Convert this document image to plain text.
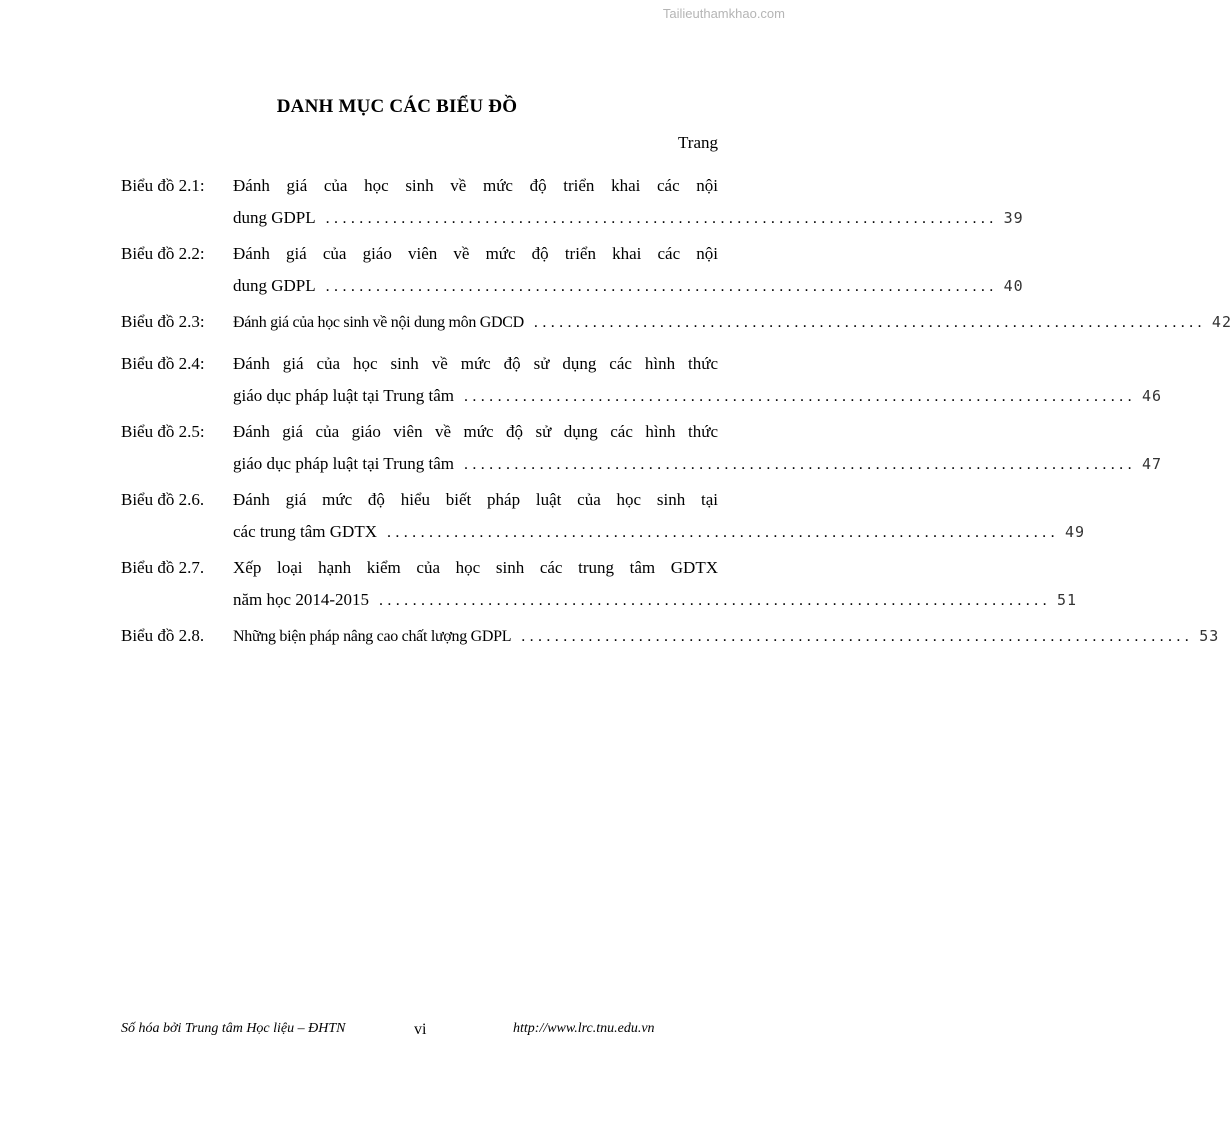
Tailieuthamkhao.com
DANH MỤC CÁC BIỂU ĐỒ
Trang
Biểu đồ 2.1: Đánh giá của học sinh về mức độ triển khai các nội
dung GDPL ................................................................................ 39
Biểu đồ 2.2: Đánh giá của giáo viên về mức độ triển khai các nội
dung GDPL ................................................................................ 40
Biểu đồ 2.3: Đánh giá của học sinh về nội dung môn GDCD ................................................................................ 42
Biểu đồ 2.4: Đánh giá của học sinh về mức độ sử dụng các hình thức
giáo dục pháp luật tại Trung tâm ................................................................................ 46
Biểu đồ 2.5: Đánh giá của giáo viên về mức độ sử dụng các hình thức
giáo dục pháp luật tại Trung tâm ................................................................................ 47
Biểu đồ 2.6. Đánh giá mức độ hiểu biết pháp luật của học sinh tại
các trung tâm GDTX ................................................................................ 49
Biểu đồ 2.7. Xếp loại hạnh kiểm của học sinh các trung tâm GDTX
năm học 2014-2015 ................................................................................ 51
Biểu đồ 2.8. Những biện pháp nâng cao chất lượng GDPL ................................................................................ 53
Số hóa bởi Trung tâm Học liệu – ĐHTN	vi	http://www.lrc.tnu.edu.vn
